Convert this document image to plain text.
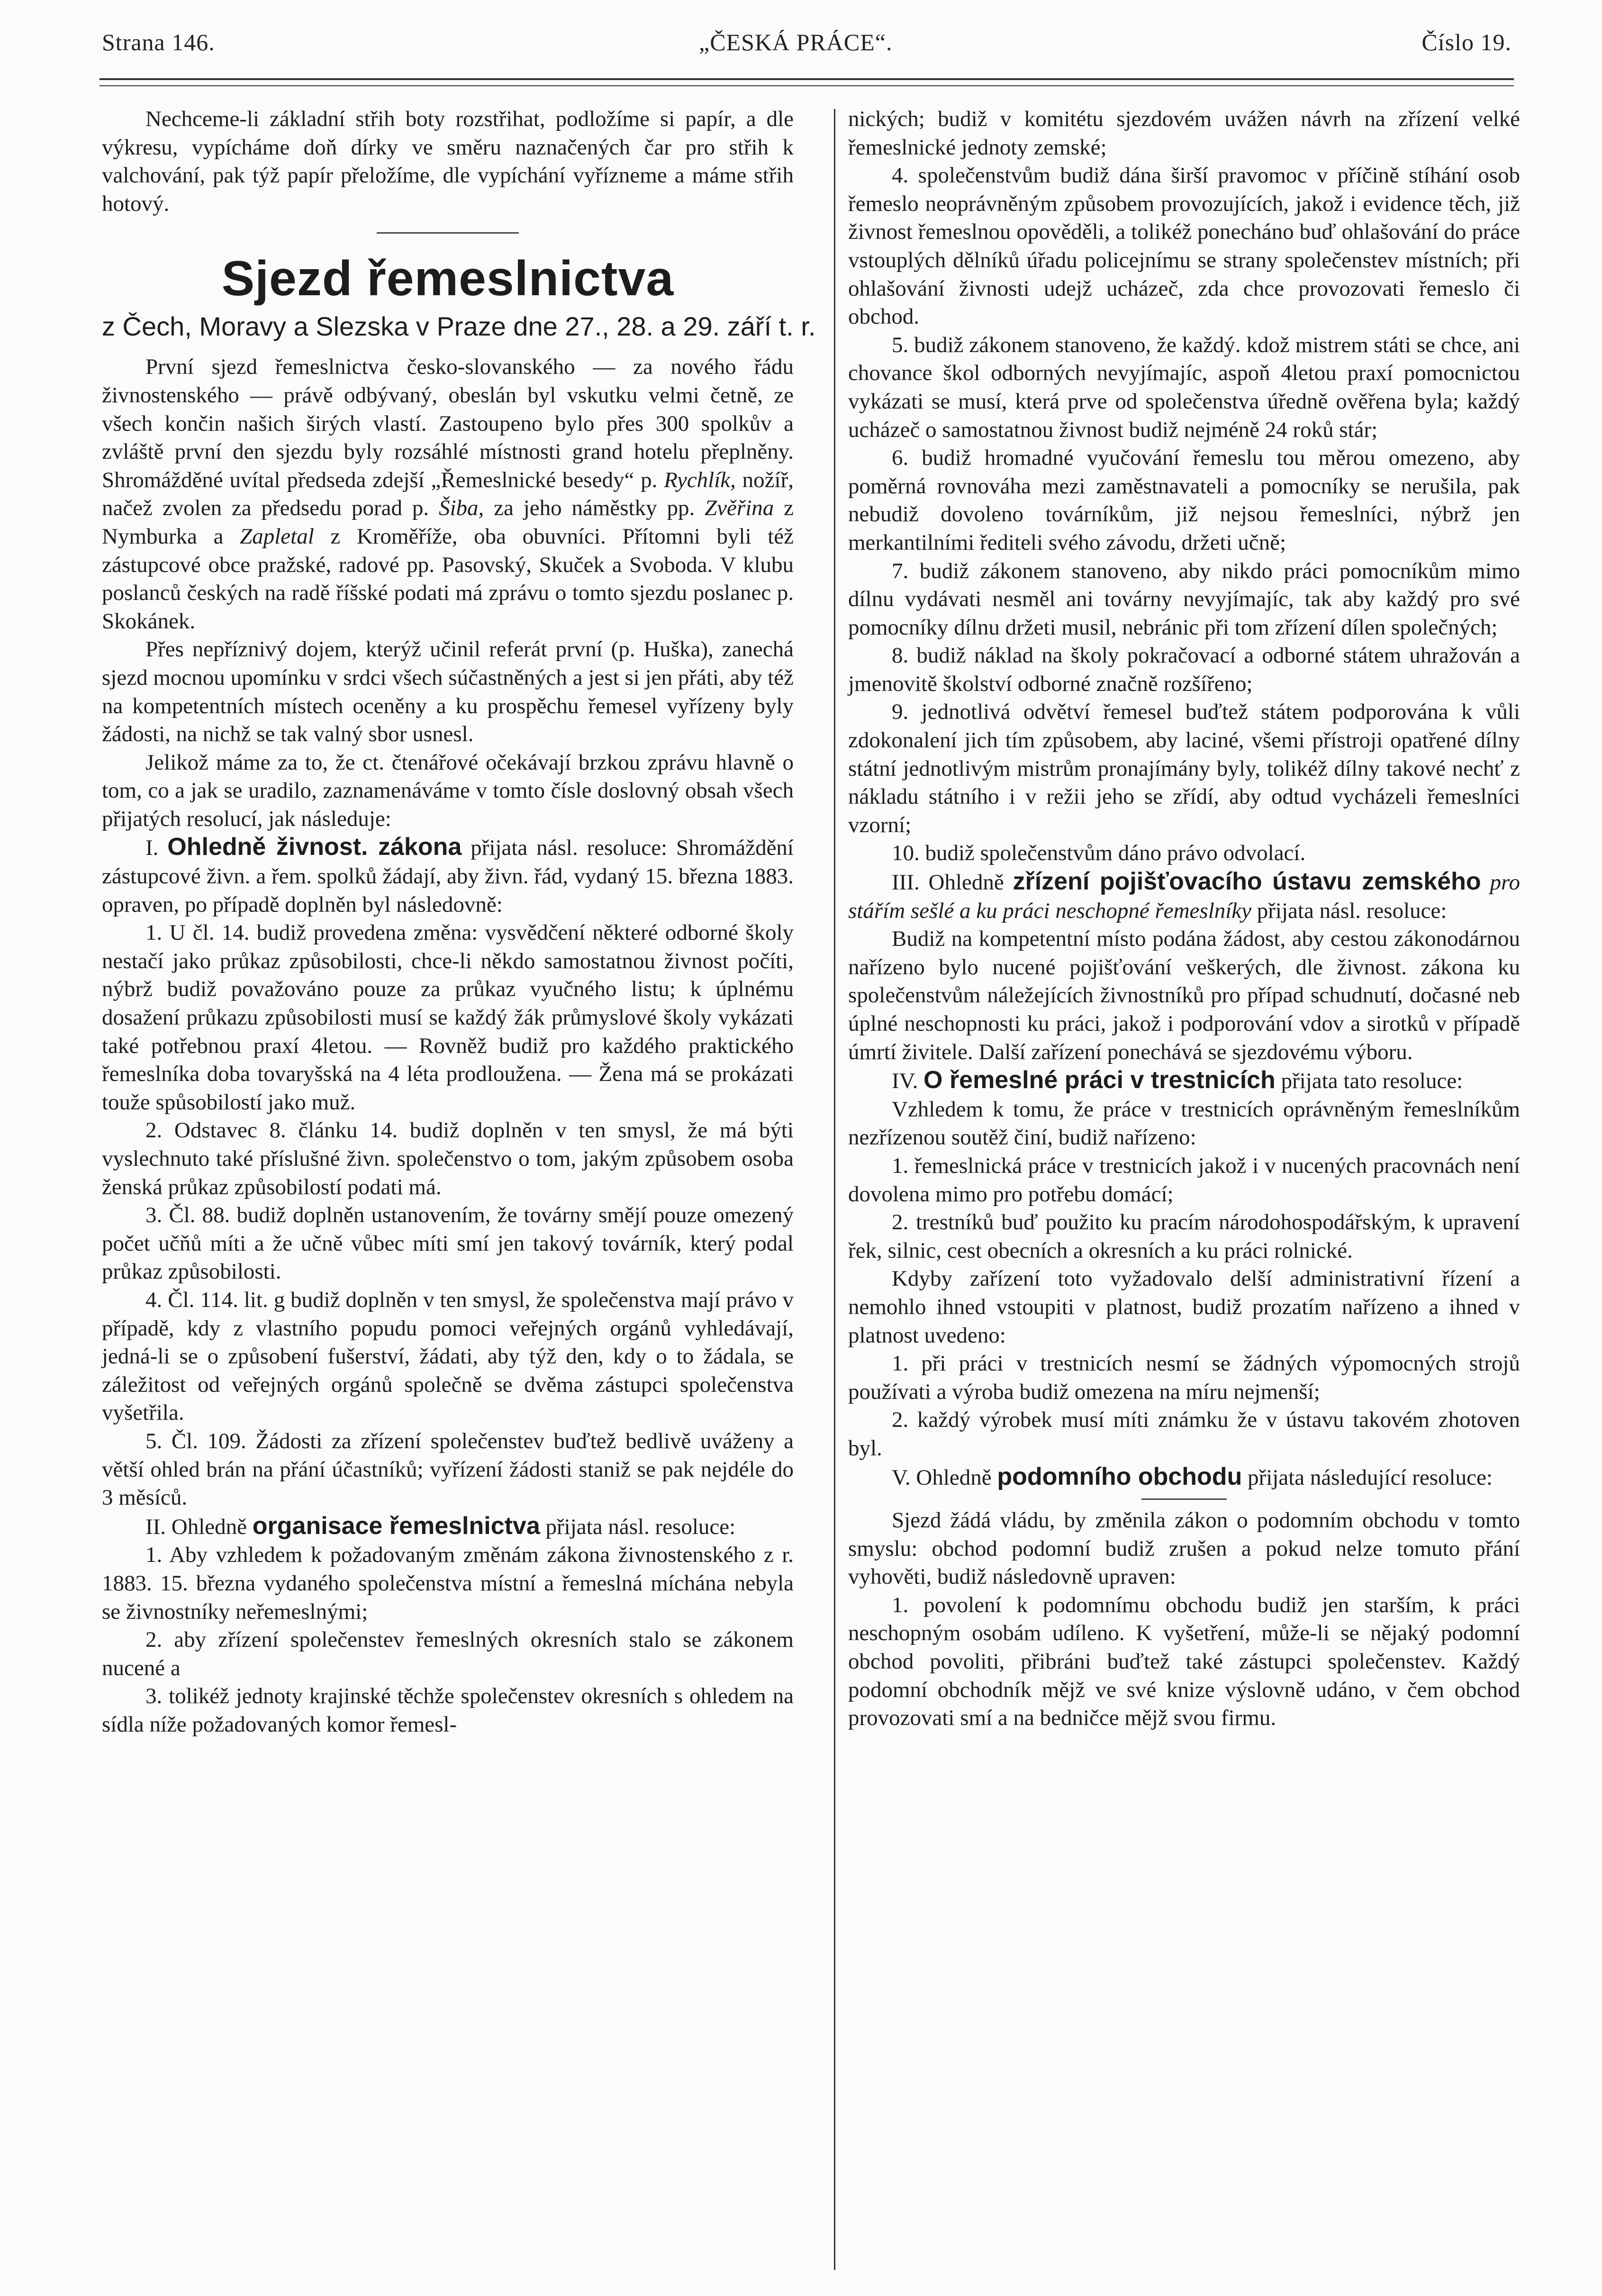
Strana 146.	„ČESKÁ PRÁCE“.	Číslo 19.

Nechceme-li základní střih boty rozstřihat, podložíme si papír, a dle výkresu, vypícháme doň dírky ve směru naznačených čar pro střih k valchování, pak týž papír přeložíme, dle vypíchání vyřízneme a máme střih hotový.

Sjezd řemeslnictva

z Čech, Moravy a Slezska v Praze dne 27., 28. a 29. září t. r.

První sjezd řemeslnictva česko-slovanského — za nového řádu živnostenského — právě odbývaný, obeslán byl vskutku velmi četně, ze všech končin našich širých vlastí. Zastoupeno bylo přes 300 spolkův a zvláště první den sjezdu byly rozsáhlé místnosti grand hotelu přeplněny. Shromážděné uvítal předseda zdejší „Řemeslnické besedy“ p. Rychlík, nožíř, načež zvolen za předsedu porad p. Šiba, za jeho náměstky pp. Zvěřina z Nymburka a Zapletal z Kroměříže, oba obuvníci. Přítomni byli též zástupcové obce pražské, radové pp. Pasovský, Skuček a Svoboda. V klubu poslanců českých na radě říšské podati má zprávu o tomto sjezdu poslanec p. Skokánek.

Přes nepříznivý dojem, kterýž učinil referát první (p. Huška), zanechá sjezd mocnou upomínku v srdci všech súčastněných a jest si jen přáti, aby též na kompetentních místech oceněny a ku prospěchu řemesel vyřízeny byly žádosti, na nichž se tak valný sbor usnesl.

Jelikož máme za to, že ct. čtenářové očekávají brzkou zprávu hlavně o tom, co a jak se uradilo, zaznamenáváme v tomto čísle doslovný obsah všech přijatých resolucí, jak následuje:

I. Ohledně živnost. zákona přijata násl. resoluce: Shromáždění zástupcové živn. a řem. spolků žádají, aby živn. řád, vydaný 15. března 1883. opraven, po případě doplněn byl následovně:

1. U čl. 14. budiž provedena změna: vysvědčení některé odborné školy nestačí jako průkaz způsobilosti, chce-li někdo samostatnou živnost počíti, nýbrž budiž považováno pouze za průkaz vyučného listu; k úplnému dosažení průkazu způsobilosti musí se každý žák průmyslové školy vykázati také potřebnou praxí 4letou. — Rovněž budiž pro každého praktického řemeslníka doba tovaryšská na 4 léta prodloužena. — Žena má se prokázati touže spůsobilostí jako muž.

2. Odstavec 8. článku 14. budiž doplněn v ten smysl, že má býti vyslechnuto také příslušné živn. společenstvo o tom, jakým způsobem osoba ženská průkaz způsobilostí podati má.

3. Čl. 88. budiž doplněn ustanovením, že továrny smějí pouze omezený počet učňů míti a že učně vůbec míti smí jen takový továrník, který podal průkaz způsobilosti.

4. Čl. 114. lit. g budiž doplněn v ten smysl, že společenstva mají právo v případě, kdy z vlastního popudu pomoci veřejných orgánů vyhledávají, jedná-li se o způsobení fušerství, žádati, aby týž den, kdy o to žádala, se záležitost od veřejných orgánů společně se dvěma zástupci společenstva vyšetřila.

5. Čl. 109. Žádosti za zřízení společenstev buďtež bedlivě uváženy a větší ohled brán na přání účastníků; vyřízení žádosti staniž se pak nejdéle do 3 měsíců.

II. Ohledně organisace řemeslnictva přijata násl. resoluce:

1. Aby vzhledem k požadovaným změnám zákona živnostenského z r. 1883. 15. března vydaného společenstva místní a řemeslná míchána nebyla se živnostníky neřemeslnými;

2. aby zřízení společenstev řemeslných okresních stalo se zákonem nucené a

3. tolikéž jednoty krajinské těchže společenstev okresních s ohledem na sídla níže požadovaných komor řemesl-

nických; budiž v komitétu sjezdovém uvážen návrh na zřízení velké řemeslnické jednoty zemské;

4. společenstvům budiž dána širší pravomoc v příčině stíhání osob řemeslo neoprávněným způsobem provozujících, jakož i evidence těch, již živnost řemeslnou opověděli, a tolikéž ponecháno buď ohlašování do práce vstouplých dělníků úřadu policejnímu se strany společenstev místních; při ohlašování živnosti udejž ucházeč, zda chce provozovati řemeslo či obchod.

5. budiž zákonem stanoveno, že každý. kdož mistrem státi se chce, ani chovance škol odborných nevyjímajíc, aspoň 4letou praxí pomocnictou vykázati se musí, která prve od společenstva úředně ověřena byla; každý ucházeč o samostatnou živnost budiž nejméně 24 roků stár;

6. budiž hromadné vyučování řemeslu tou měrou omezeno, aby poměrná rovnováha mezi zaměstnavateli a pomocníky se nerušila, pak nebudiž dovoleno továrníkům, již nejsou řemeslníci, nýbrž jen merkantilními řediteli svého závodu, držeti učně;

7. budiž zákonem stanoveno, aby nikdo práci pomocníkům mimo dílnu vydávati nesměl ani továrny nevyjímajíc, tak aby každý pro své pomocníky dílnu držeti musil, nebránic při tom zřízení dílen společných;

8. budiž náklad na školy pokračovací a odborné státem uhražován a jmenovitě školství odborné značně rozšířeno;

9. jednotlivá odvětví řemesel buďtež státem podporována k vůli zdokonalení jich tím způsobem, aby laciné, všemi přístroji opatřené dílny státní jednotlivým mistrům pronajímány byly, tolikéž dílny takové nechť z nákladu státního i v režii jeho se zřídí, aby odtud vycházeli řemeslníci vzorní;

10. budiž společenstvům dáno právo odvolací.

III. Ohledně zřízení pojišťovacího ústavu zemského pro stářím sešlé a ku práci neschopné řemeslníky přijata násl. resoluce:

Budiž na kompetentní místo podána žádost, aby cestou zákonodárnou nařízeno bylo nucené pojišťování veškerých, dle živnost. zákona ku společenstvům náležejících živnostníků pro případ schudnutí, dočasné neb úplné neschopnosti ku práci, jakož i podporování vdov a sirotků v případě úmrtí živitele. Další zařízení ponechává se sjezdovému výboru.

IV. O řemeslné práci v trestnicích přijata tato resoluce:

Vzhledem k tomu, že práce v trestnicích oprávněným řemeslníkům nezřízenou soutěž činí, budiž nařízeno:

1. řemeslnická práce v trestnicích jakož i v nucených pracovnách není dovolena mimo pro potřebu domácí;

2. trestníků buď použito ku pracím národohospodářským, k upravení řek, silnic, cest obecních a okresních a ku práci rolnické.

Kdyby zařízení toto vyžadovalo delší administrativní řízení a nemohlo ihned vstoupiti v platnost, budiž prozatím nařízeno a ihned v platnost uvedeno:

1. při práci v trestnicích nesmí se žádných výpomocných strojů používati a výroba budiž omezena na míru nejmenší;

2. každý výrobek musí míti známku že v ústavu takovém zhotoven byl.

V. Ohledně podomního obchodu přijata následující resoluce:

Sjezd žádá vládu, by změnila zákon o podomním obchodu v tomto smyslu: obchod podomní budiž zrušen a pokud nelze tomuto přání vyhověti, budiž následovně upraven:

1. povolení k podomnímu obchodu budiž jen starším, k práci neschopným osobám udíleno. K vyšetření, může-li se nějaký podomní obchod povoliti, přibráni buďtež také zástupci společenstev. Každý podomní obchodník mějž ve své knize výslovně udáno, v čem obchod provozovati smí a na bedničce mějž svou firmu.
